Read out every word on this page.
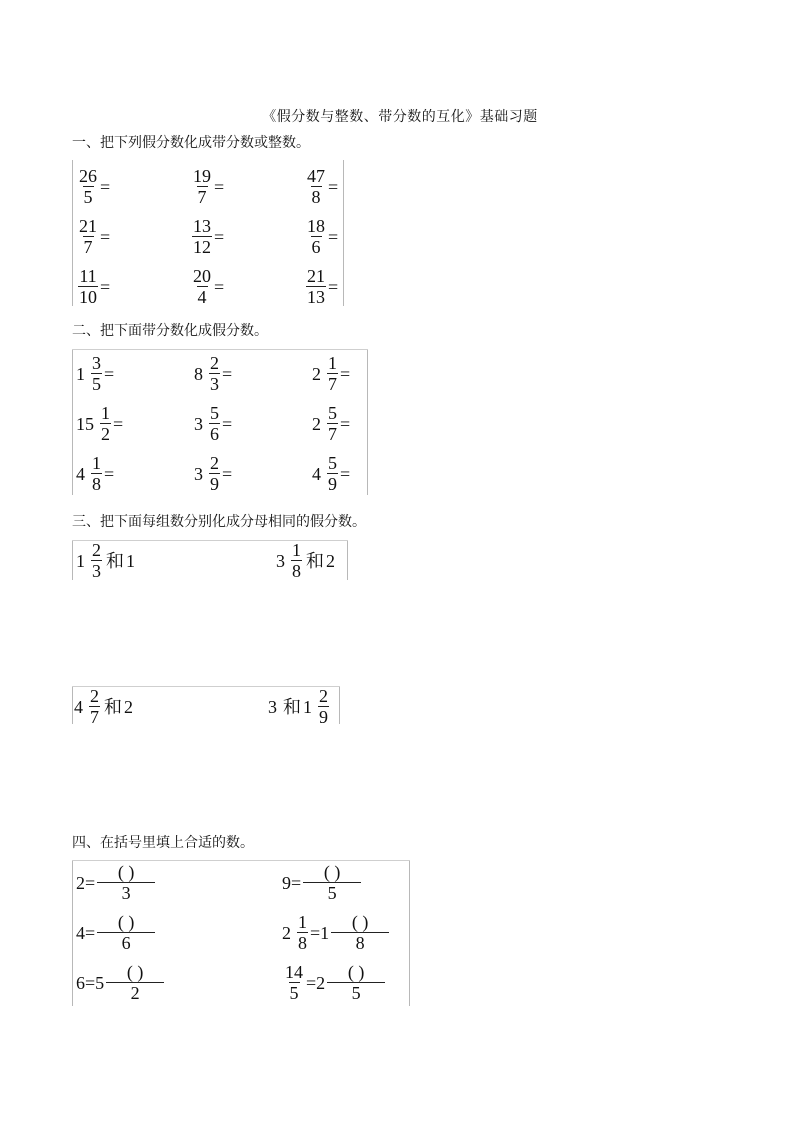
《假分数与整数、带分数的互化》基础习题
一、把下列假分数化成带分数或整数。
$\frac{26}{5}$ =	$\frac{19}{7}$ =	$\frac{47}{8}$ =
$\frac{21}{7}$ =	$\frac{13}{12}$ =	$\frac{18}{6}$ =
$\frac{11}{10}$ =	$\frac{20}{4}$ =	$\frac{21}{13}$ =
二、把下面带分数化成假分数。
$1 \frac{3}{5}$ =	$8 \frac{2}{3}$ =	$2 \frac{1}{7}$ =
$15 \frac{1}{2}$ =	$3 \frac{5}{6}$ =	$2 \frac{5}{7}$ =
$4 \frac{1}{8}$ =	$3 \frac{2}{9}$ =	$4 \frac{5}{9}$ =
三、把下面每组数分别化成分母相同的假分数。
$1 \frac{2}{3}$ 和 1	$3 \frac{1}{8}$ 和 2
$4 \frac{2}{7}$ 和 2	3 和 $1 \frac{2}{9}$
四、在括号里填上合适的数。
$2 = \frac{( )}{3}$	$9 = \frac{( )}{5}$
$4 = \frac{( )}{6}$	$2 \frac{1}{8} = 1 \frac{( )}{8}$
$6 = 5 \frac{( )}{2}$	$\frac{14}{5} = 2 \frac{( )}{5}$
